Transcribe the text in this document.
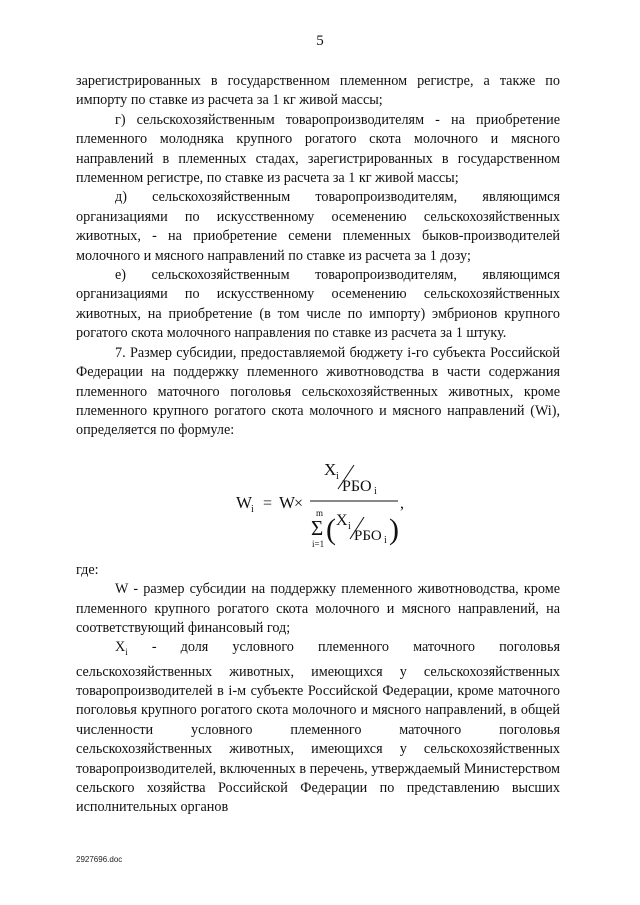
5

зарегистрированных в государственном племенном регистре, а также по импорту по ставке из расчета за 1 кг живой массы;

г) сельскохозяйственным товаропроизводителям - на приобретение племенного молодняка крупного рогатого скота молочного и мясного направлений в племенных стадах, зарегистрированных в государственном племенном регистре, по ставке из расчета за 1 кг живой массы;

д) сельскохозяйственным товаропроизводителям, являющимся организациями по искусственному осеменению сельскохозяйственных животных, - на приобретение семени племенных быков-производителей молочного и мясного направлений по ставке из расчета за 1 дозу;

е) сельскохозяйственным товаропроизводителям, являющимся организациями по искусственному осеменению сельскохозяйственных животных, на приобретение (в том числе по импорту) эмбрионов крупного рогатого скота молочного направления по ставке из расчета за 1 штуку.

7. Размер субсидии, предоставляемой бюджету i-го субъекта Российской Федерации на поддержку племенного животноводства в части содержания племенного маточного поголовья сельскохозяйственных животных, кроме племенного крупного рогатого скота молочного и мясного направлений (Wi), определяется по формуле:

W
i = W
×
X i
РБО i
,
m
Σ
i=1 ( X i
РБО i )

где:

W - размер субсидии на поддержку племенного животноводства, кроме племенного крупного рогатого скота молочного и мясного направлений, на соответствующий финансовый год;

$X_i$ - доля условного племенного маточного поголовья сельскохозяйственных животных, имеющихся у сельскохозяйственных товаропроизводителей в i-м субъекте Российской Федерации, кроме маточного поголовья крупного рогатого скота молочного и мясного направлений, в общей численности условного племенного маточного поголовья сельскохозяйственных животных, имеющихся у сельскохозяйственных товаропроизводителей, включенных в перечень, утверждаемый Министерством сельского хозяйства Российской Федерации по представлению высших исполнительных органов

2927696.doc
